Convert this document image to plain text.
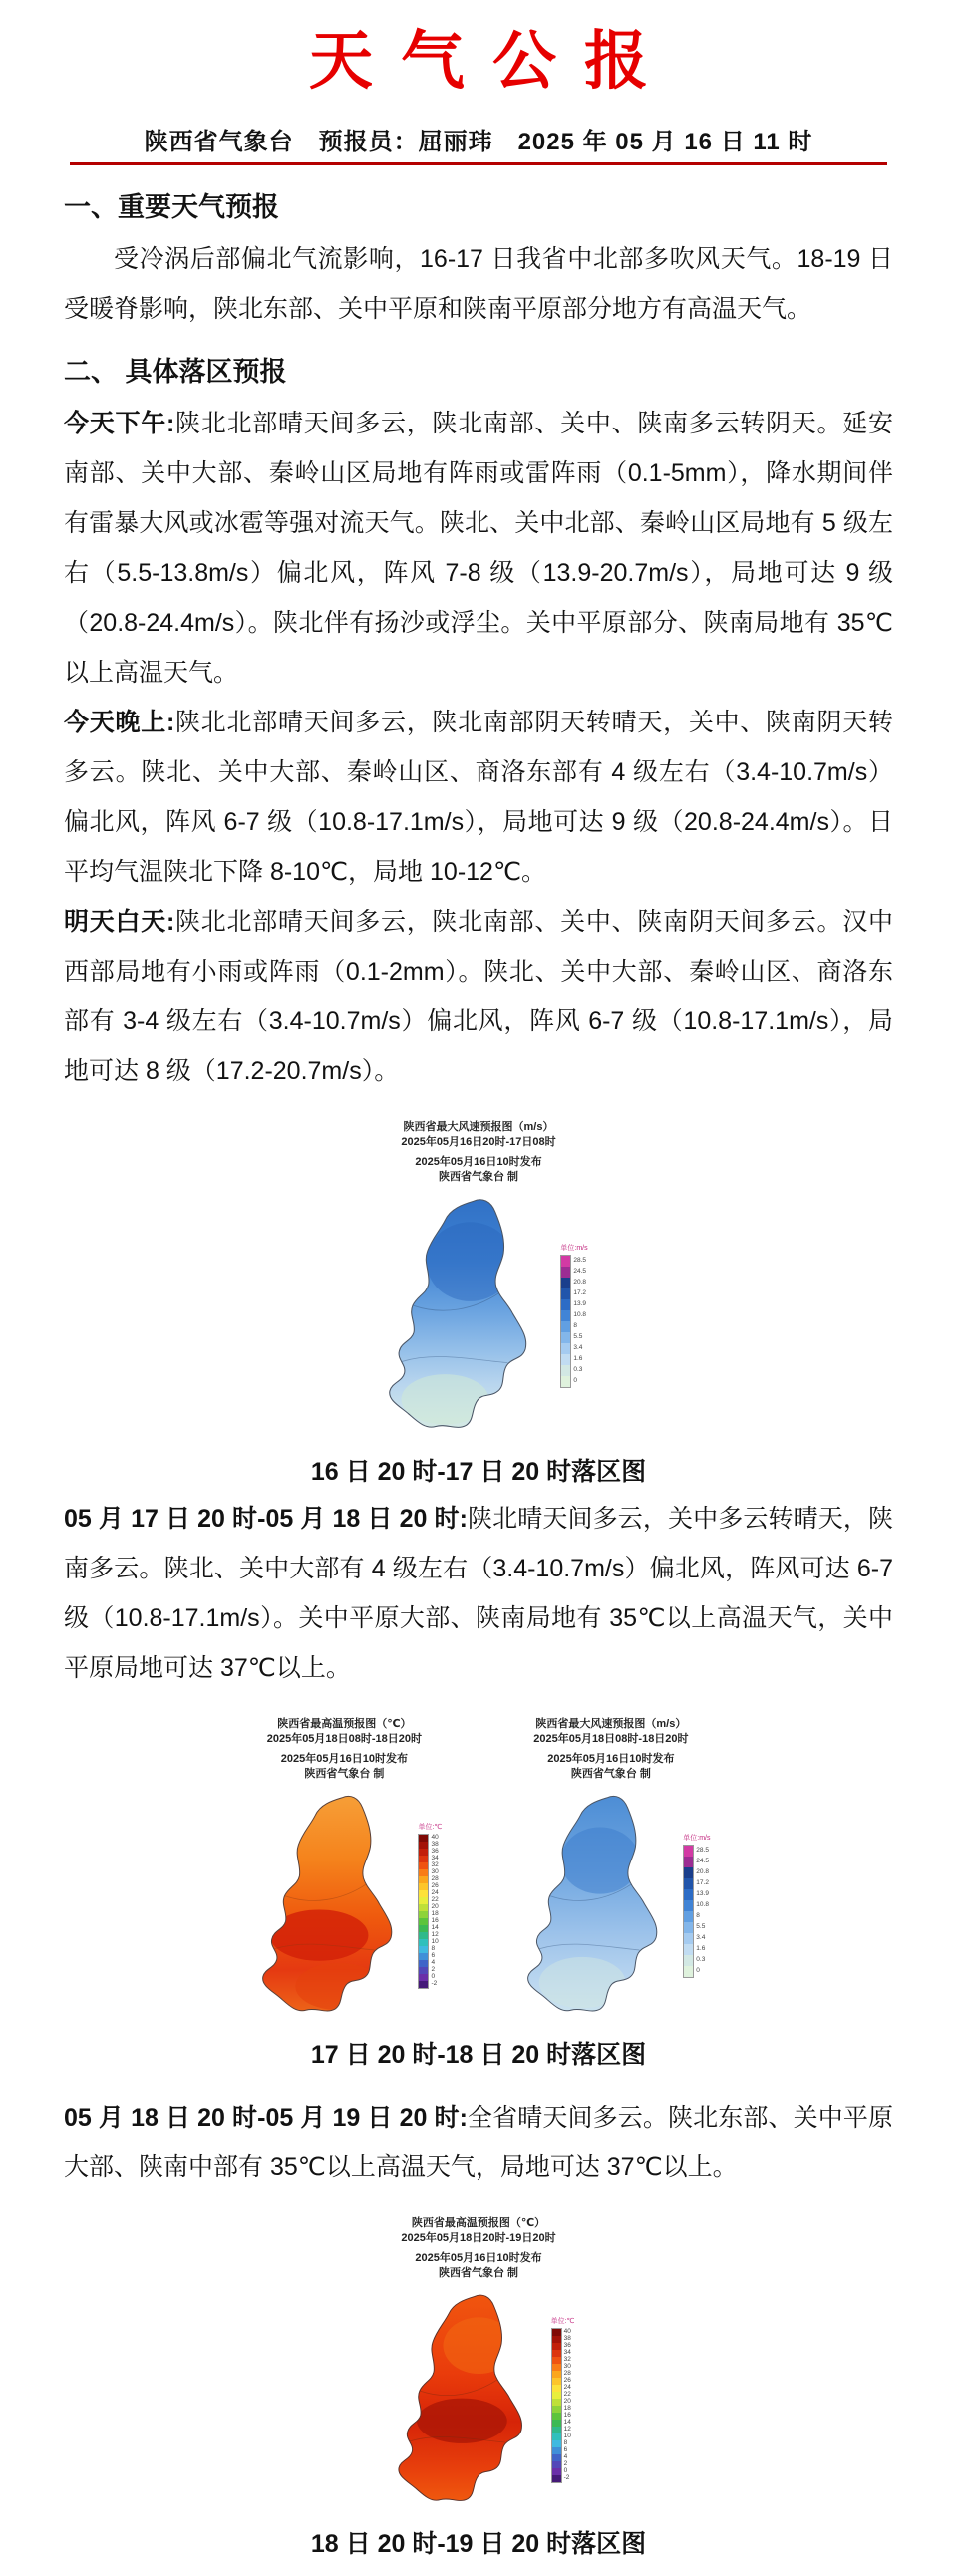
天气公报

陕西省气象台　预报员：屈丽玮　2025 年 05 月 16 日 11 时

一、重要天气预报

受冷涡后部偏北气流影响，16-17 日我省中北部多吹风天气。18-19 日受暖脊影响，陕北东部、关中平原和陕南平原部分地方有高温天气。

二、 具体落区预报

今天下午:陕北北部晴天间多云，陕北南部、关中、陕南多云转阴天。延安南部、关中大部、秦岭山区局地有阵雨或雷阵雨（0.1-5mm），降水期间伴有雷暴大风或冰雹等强对流天气。陕北、关中北部、秦岭山区局地有 5 级左右（5.5-13.8m/s）偏北风，阵风 7-8 级（13.9-20.7m/s），局地可达 9 级（20.8-24.4m/s）。陕北伴有扬沙或浮尘。关中平原部分、陕南局地有 35℃以上高温天气。

今天晚上:陕北北部晴天间多云，陕北南部阴天转晴天，关中、陕南阴天转多云。陕北、关中大部、秦岭山区、商洛东部有 4 级左右（3.4-10.7m/s）偏北风，阵风 6-7 级（10.8-17.1m/s），局地可达 9 级（20.8-24.4m/s）。日平均气温陕北下降 8-10℃，局地 10-12℃。

明天白天:陕北北部晴天间多云，陕北南部、关中、陕南阴天间多云。汉中西部局地有小雨或阵雨（0.1-2mm）。陕北、关中大部、秦岭山区、商洛东部有 3-4 级左右（3.4-10.7m/s）偏北风，阵风 6-7 级（10.8-17.1m/s），局地可达 8 级（17.2-20.7m/s）。

陕西省最大风速预报图（m/s）
2025年05月16日20时-17日08时
2025年05月16日10时发布
陕西省气象台 制
单位:m/s
28.5
24.5
20.8
17.2
13.9
10.8
8
5.5
3.4
1.6
0.3
0
16 日 20 时-17 日 20 时落区图

05 月 17 日 20 时-05 月 18 日 20 时:陕北晴天间多云，关中多云转晴天，陕南多云。陕北、关中大部有 4 级左右（3.4-10.7m/s）偏北风，阵风可达 6-7 级（10.8-17.1m/s）。关中平原大部、陕南局地有 35℃以上高温天气，关中平原局地可达 37℃以上。

陕西省最高温预报图（℃）
2025年05月18日08时-18日20时
2025年05月16日10时发布
陕西省气象台 制
单位:℃
40
38
36
34
32
30
28
26
24
22
20
18
16
14
12
10
8
6
4
2
0
-2
陕西省最大风速预报图（m/s）
2025年05月18日08时-18日20时
2025年05月16日10时发布
陕西省气象台 制
单位:m/s
28.5
24.5
20.8
17.2
13.9
10.8
8
5.5
3.4
1.6
0.3
0
17 日 20 时-18 日 20 时落区图

05 月 18 日 20 时-05 月 19 日 20 时:全省晴天间多云。陕北东部、关中平原大部、陕南中部有 35℃以上高温天气，局地可达 37℃以上。

陕西省最高温预报图（℃）
2025年05月18日20时-19日20时
2025年05月16日10时发布
陕西省气象台 制
单位:℃
40
38
36
34
32
30
28
26
24
22
20
18
16
14
12
10
8
6
4
2
0
-2
18 日 20 时-19 日 20 时落区图
